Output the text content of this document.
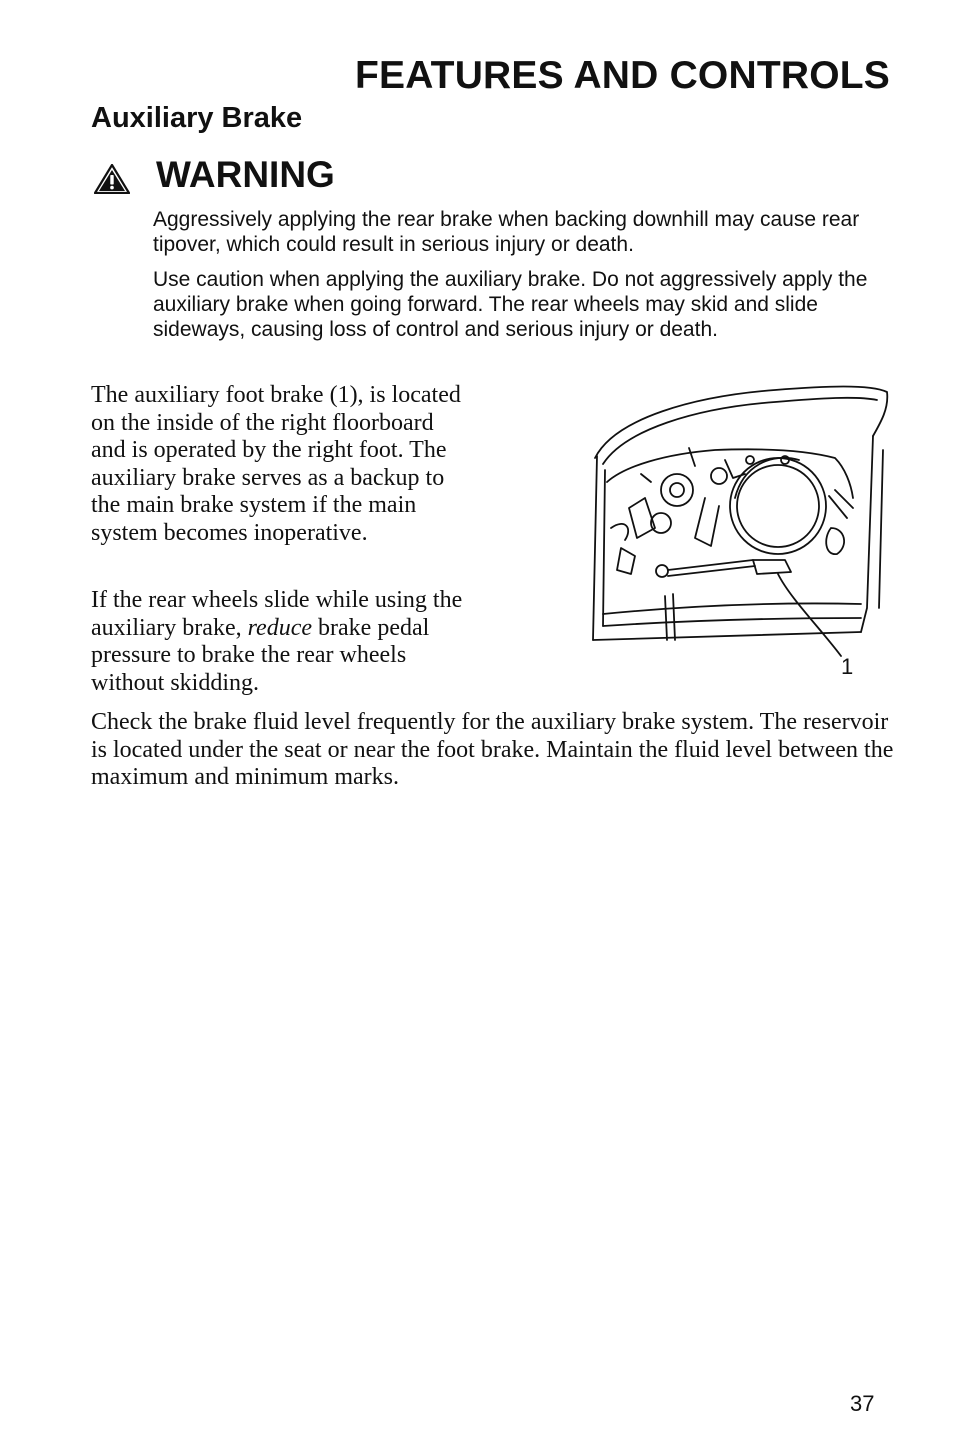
FEATURES AND CONTROLS
Auxiliary Brake
WARNING

Aggressively applying the rear brake when backing downhill may cause rear tipover, which could result in serious injury or death.

Use caution when applying the auxiliary brake. Do not aggressively apply the auxiliary brake when going forward. The rear wheels may skid and slide sideways, causing loss of control and serious injury or death.

The auxiliary foot brake (1), is located on the inside of the right floorboard and is operated by the right foot. The auxiliary brake serves as a backup to the main brake system if the main system becomes inoperative.

If the rear wheels slide while using the auxiliary brake, reduce brake pedal pressure to brake the rear wheels without skidding.

1

Check the brake fluid level frequently for the auxiliary brake system. The reservoir is located under the seat or near the foot brake. Maintain the fluid level between the maximum and minimum marks.

37
